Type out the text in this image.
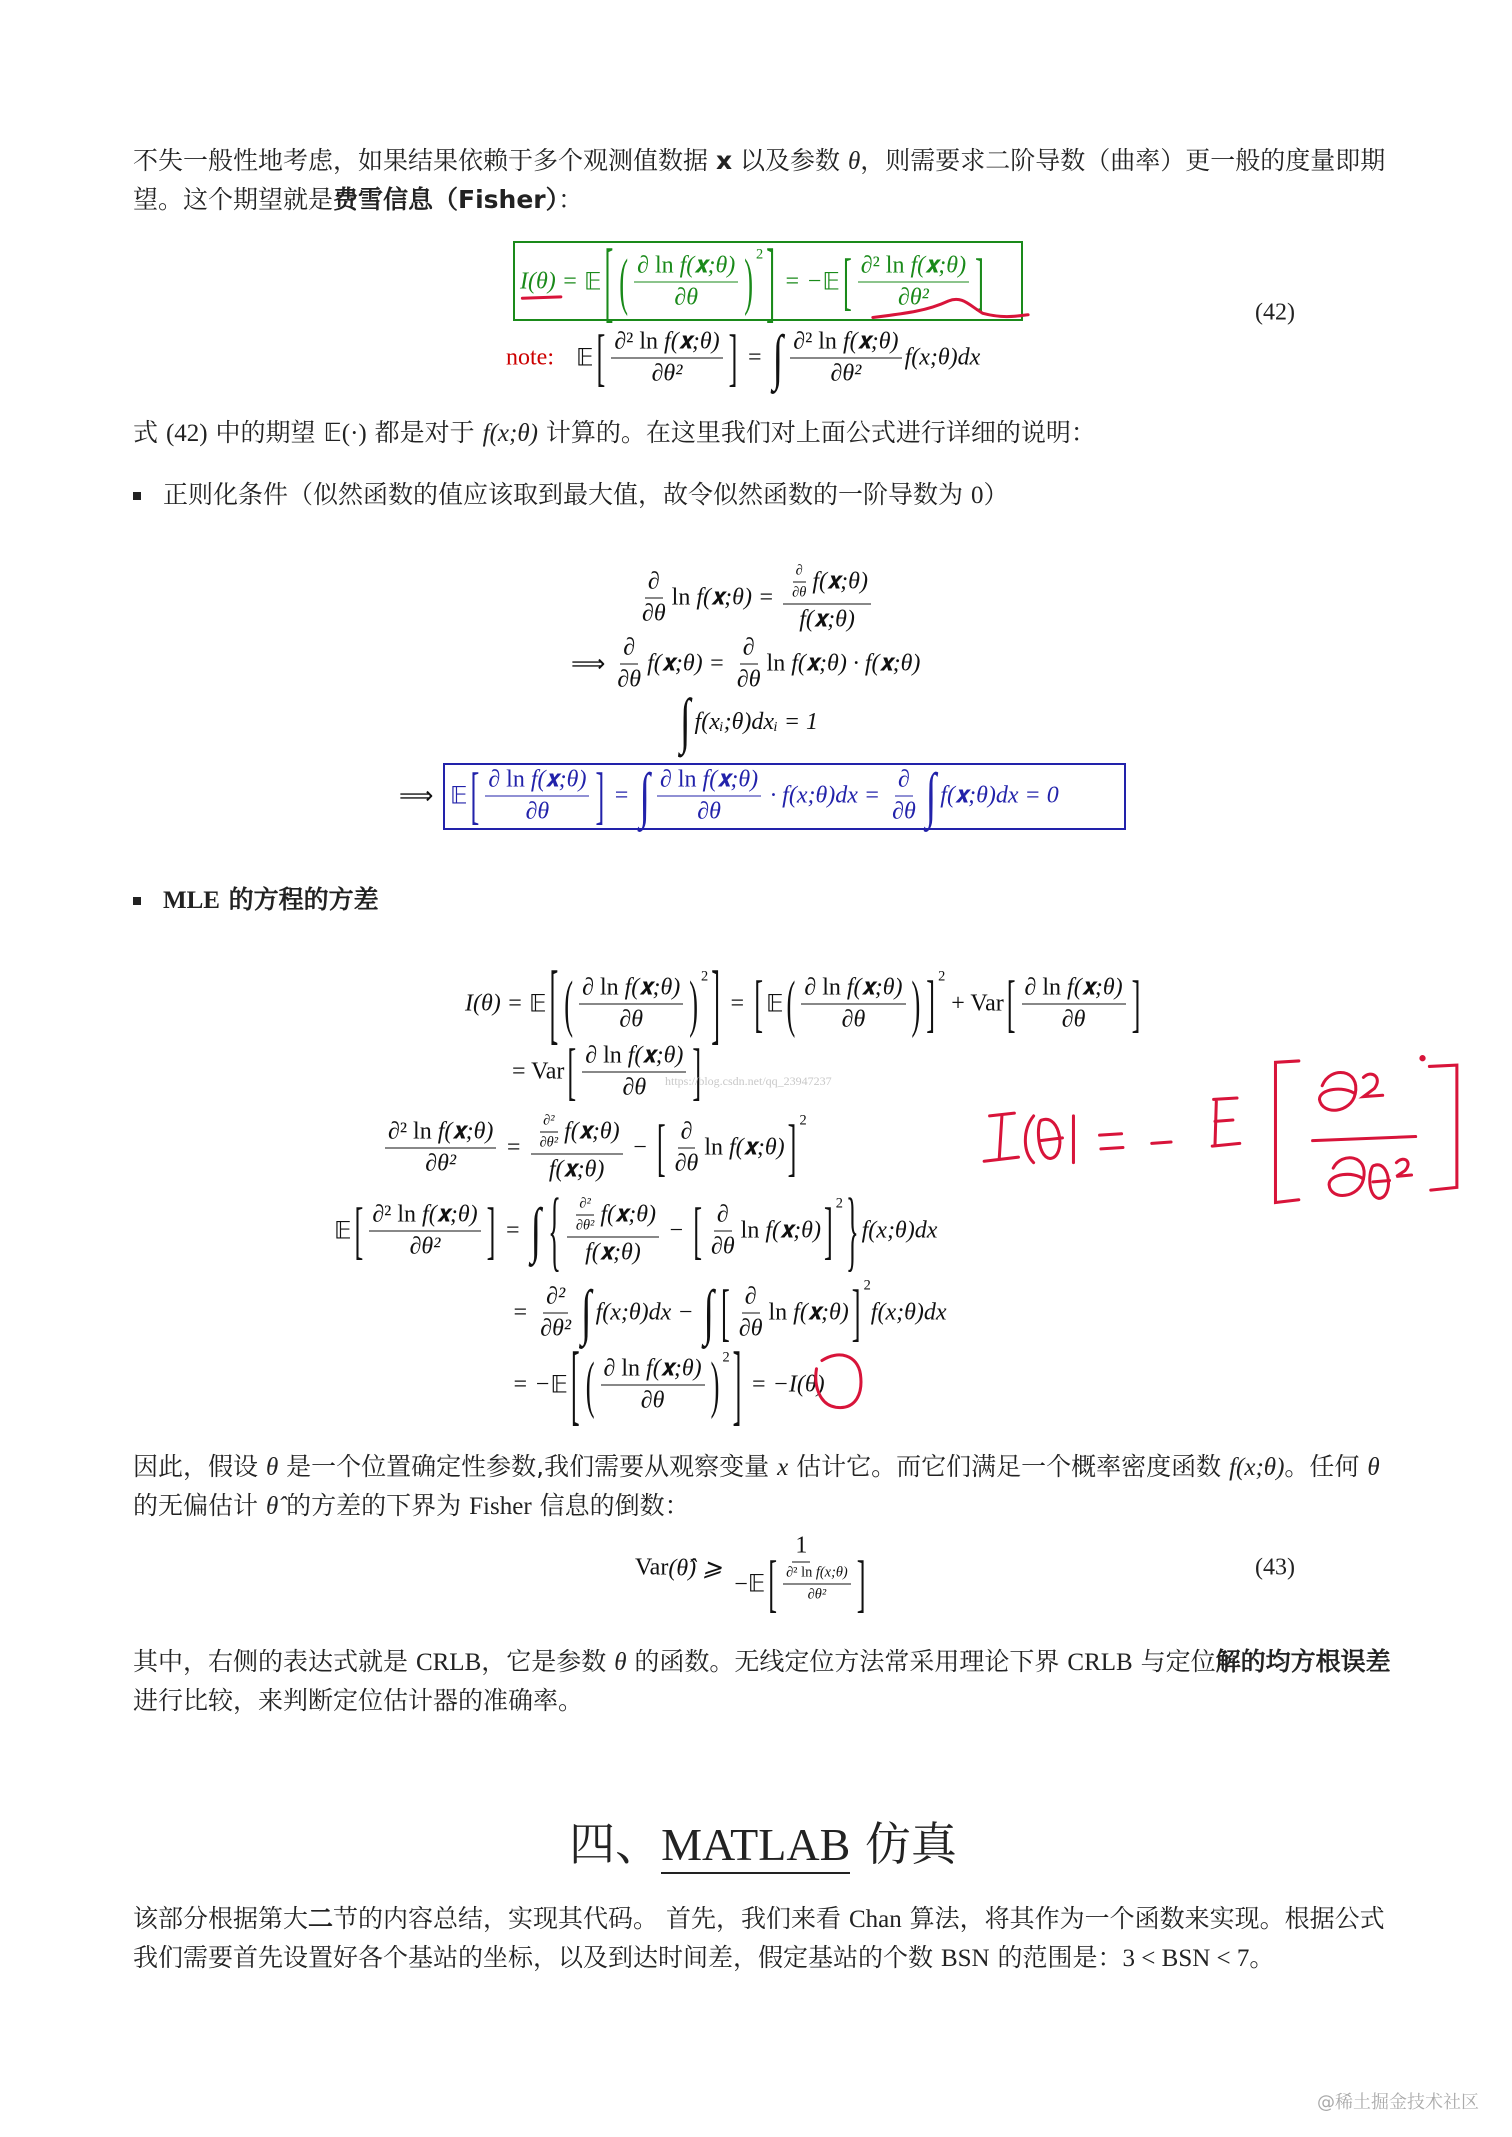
不失一般性地考虑，如果结果依赖于多个观测值数据 x 以及参数 θ，则需要求二阶导数（曲率）更一般的度量即期望。这个期望就是费雪信息（Fisher）：
I(θ) = 𝔼 [ ( $\frac{\text{∂ ln f(𝐱;θ)}}{\partial\theta}$ ) 2 ] = − 𝔼 [ $\frac{\text{∂² ln f(𝐱;θ)}}{\text{∂θ²}}$ ]
note: 𝔼 [ $\frac{\text{∂² ln f(𝐱;θ)}}{\text{∂θ²}}$ ] = ∫ $\frac{\text{∂² ln f(𝐱;θ)}}{\text{∂θ²}}$ f(x;θ)dx
(42)
式 (42) 中的期望 𝔼(·) 都是对于 f(x;θ) 计算的。在这里我们对上面公式进行详细的说明：
正则化条件（似然函数的值应该取到最大值，故令似然函数的一阶导数为 0）
$\frac{\partial}{\partial\theta}$ ln f(𝐱;θ) = $\frac{\frac{\partial}{\partial\theta} f(𝐱;\theta)}{\text{f(𝐱;θ)}}$
⟹ $\frac{\partial}{\partial\theta}$ f(𝐱;θ) = $\frac{\partial}{\partial\theta}$ ln f(𝐱;θ) · f(𝐱;θ)
∫ f(xᵢ;θ)dxᵢ = 1
⟹ 𝔼 [ $\frac{\text{∂ ln f(𝐱;θ)}}{\partial\theta}$ ] = ∫ $\frac{\text{∂ ln f(𝐱;θ)}}{\partial\theta}$ · f(x;θ)dx = $\frac{\partial}{\partial\theta}$ ∫ f(𝐱;θ)dx = 0
MLE 的方程的方差
I(θ) = 𝔼 [ ( $\frac{\text{∂ ln f(𝐱;θ)}}{\partial\theta}$ ) 2 ] = [ 𝔼 ( $\frac{\text{∂ ln f(𝐱;θ)}}{\partial\theta}$ ) ] 2
+ Var [ $\frac{\text{∂ ln f(𝐱;θ)}}{\partial\theta}$ ]
= Var [ $\frac{\text{∂ ln f(𝐱;θ)}}{\partial\theta}$ ]
https://blog.csdn.net/qq_23947237
$\frac{\text{∂² ln f(𝐱;θ)}}{\text{∂θ²}} = \frac{\frac{\text{∂²}}{\text{∂θ²}} f(𝐱;\theta)}{\text{f(𝐱;θ)}}$ − [ $\frac{\partial}{\partial\theta}$ ln f(𝐱;θ) ] 2
𝔼 [ $\frac{\text{∂² ln f(𝐱;θ)}}{\text{∂θ²}}$ ] = ∫ { $\frac{\frac{\text{∂²}}{\text{∂θ²}} f(𝐱;\theta)}{\text{f(𝐱;θ)}}$ − [ $\frac{\partial}{\partial\theta}$ ln f(𝐱;θ) ] 2 } f(x;θ)dx
= $\frac{\text{∂²}}{\text{∂θ²}}$ ∫ f(x;θ)dx − ∫ [ $\frac{\partial}{\partial\theta}$ ln f(𝐱;θ) ] 2
f(x;θ)dx
= − 𝔼 [ ( $\frac{\text{∂ ln f(𝐱;θ)}}{\partial\theta}$ ) 2 ] = −I(θ)
因此，假设 θ 是一个位置确定性参数,我们需要从观察变量 x 估计它。而它们满足一个概率密度函数 f(x;θ)。任何 θ 的无偏估计 θ̂ 的方差的下界为 Fisher 信息的倒数：
Var (θ̂) ⩾ $\frac{1}{-𝔼 [ \frac{\text{∂² ln f(x;θ)}}{\text{∂θ²}} ]}$	(43)
其中，右侧的表达式就是 CRLB，它是参数 θ 的函数。无线定位方法常采用理论下界 CRLB 与定位解的均方根误差进行比较，来判断定位估计器的准确率。
四、MATLAB 仿真
该部分根据第大二节的内容总结，实现其代码。 首先，我们来看 Chan 算法，将其作为一个函数来实现。根据公式我们需要首先设置好各个基站的坐标，以及到达时间差，假定基站的个数 BSN 的范围是：3 < BSN < 7。
@稀土掘金技术社区
